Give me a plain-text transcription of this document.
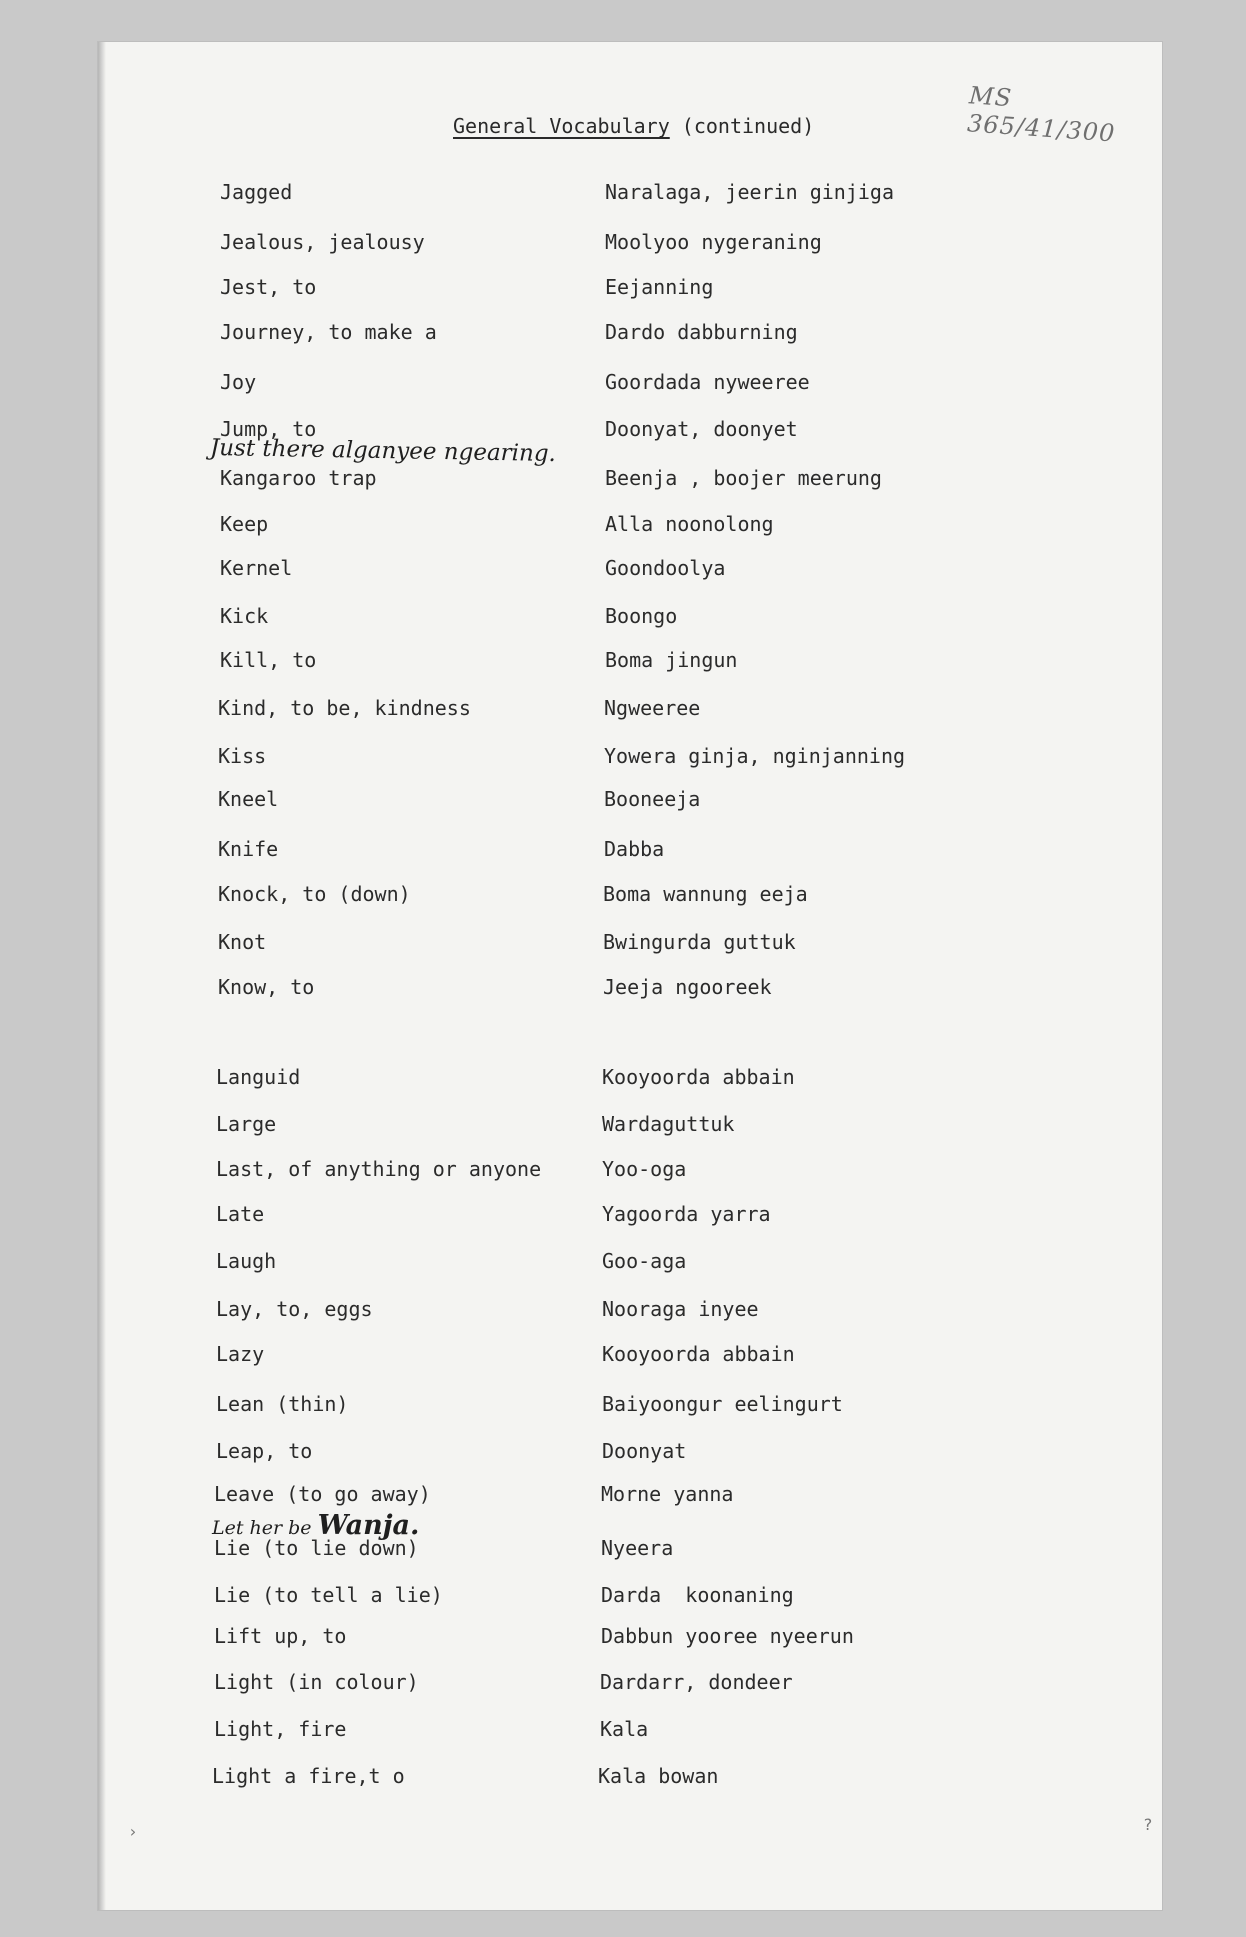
MS 365/41/300
General Vocabulary (continued)
Jagged	Naralaga, jeerin ginjiga
Jealous, jealousy	Moolyoo nygeraning
Jest, to	Eejanning
Journey, to make a	Dardo dabburning
Joy	Goordada nyweeree
Jump, to	Doonyat, doonyet
Kangaroo trap	Beenja , boojer meerung
Keep	Alla noonolong
Kernel	Goondoolya
Kick	Boongo
Kill, to	Boma jingun
Kind, to be, kindness	Ngweeree
Kiss	Yowera ginja, nginjanning
Kneel	Booneeja
Knife	Dabba
Knock, to (down)	Boma wannung eeja
Knot	Bwingurda guttuk
Know, to	Jeeja ngooreek
Languid	Kooyoorda abbain
Large	Wardaguttuk
Last, of anything or anyone	Yoo-oga
Late	Yagoorda yarra
Laugh	Goo-aga
Lay, to, eggs	Nooraga inyee
Lazy	Kooyoorda abbain
Lean (thin)	Baiyoongur eelingurt
Leap, to	Doonyat
Leave (to go away)	Morne yanna
Lie (to lie down)	Nyeera
Lie (to tell a lie)	Darda  koonaning
Lift up, to	Dabbun yooree nyeerun
Light (in colour)	Dardarr, dondeer
Light, fire	Kala
Light a fire,t o	Kala bowan
Just there alganyee ngearing.
Let her be Wanja.
›	?
